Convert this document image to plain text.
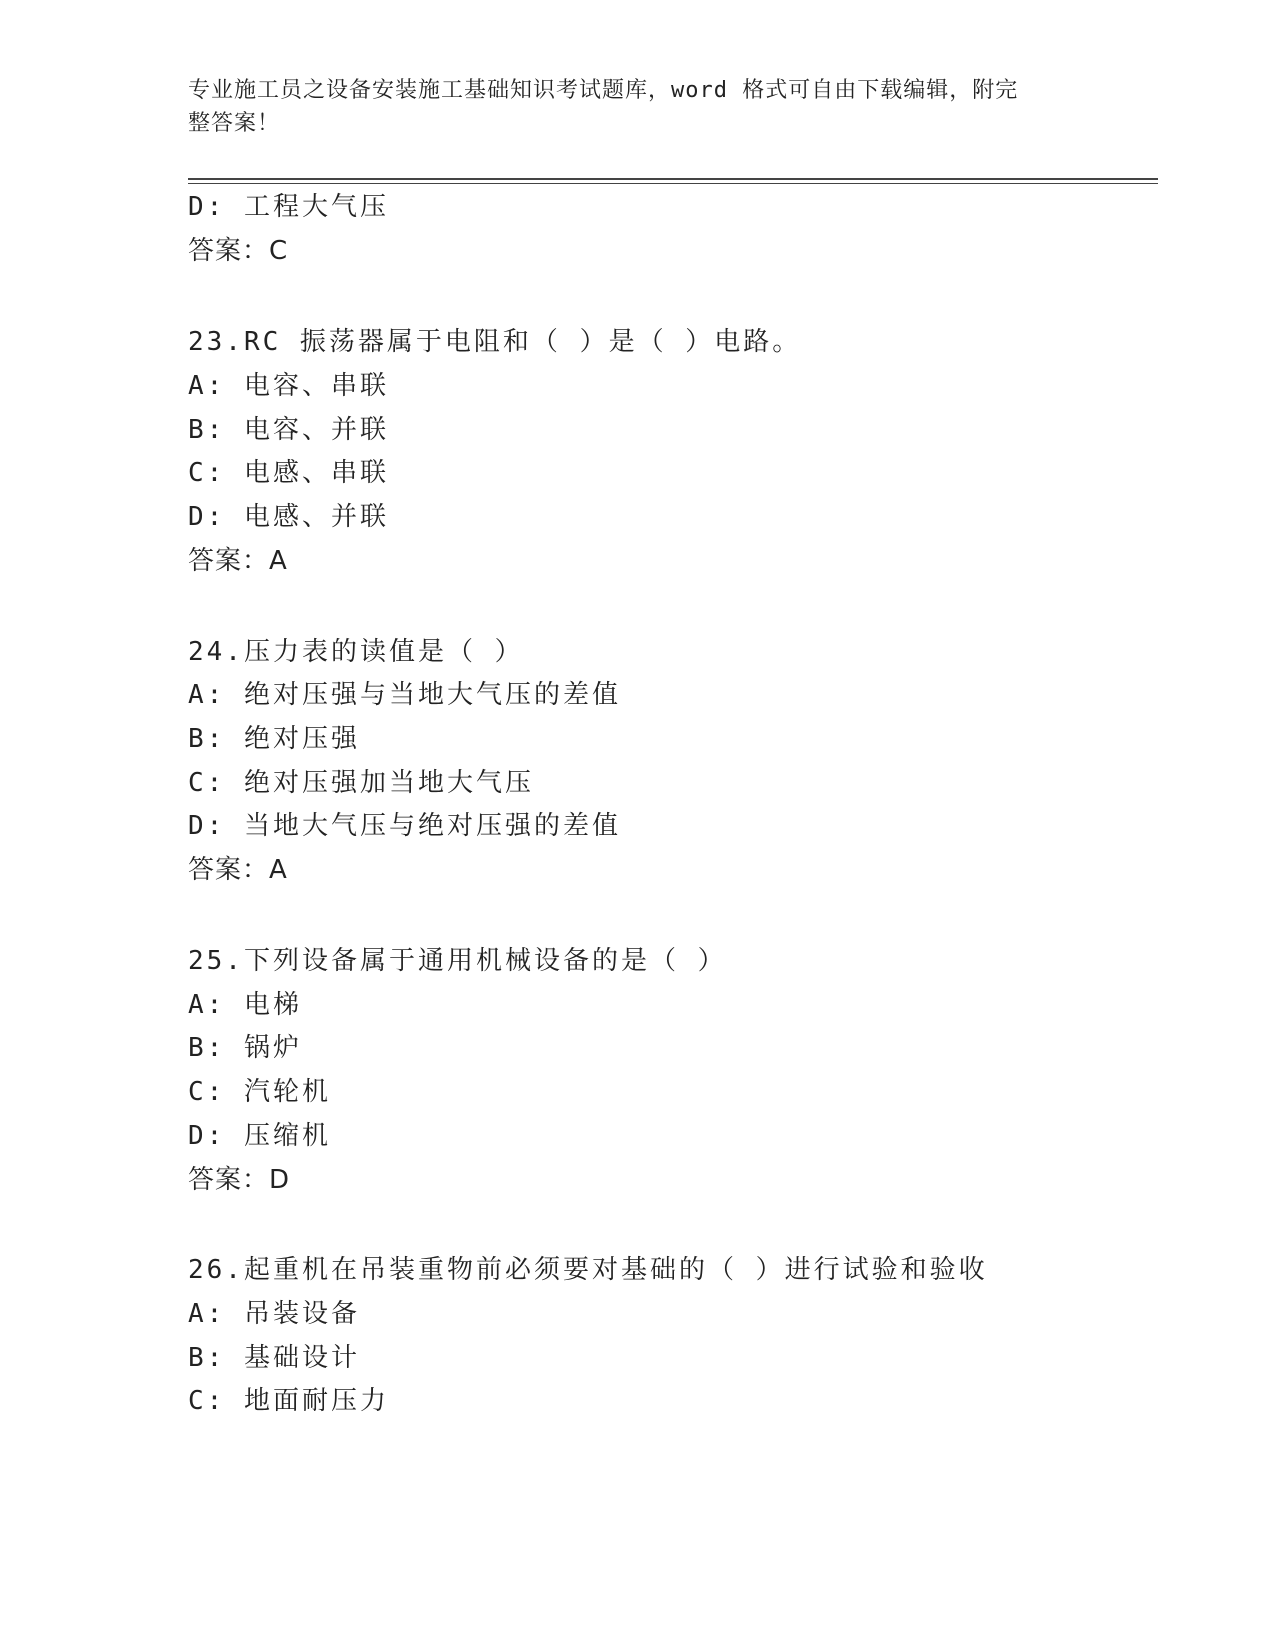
专业施工员之设备安装施工基础知识考试题库，word 格式可自由下载编辑，附完
整答案！
D: 工程大气压
答案：C
23.RC 振荡器属于电阻和（ ）是（ ）电路。
A: 电容、串联
B: 电容、并联
C: 电感、串联
D: 电感、并联
答案：A
24.压力表的读值是（ ）
A: 绝对压强与当地大气压的差值
B: 绝对压强
C: 绝对压强加当地大气压
D: 当地大气压与绝对压强的差值
答案：A
25.下列设备属于通用机械设备的是（ ）
A: 电梯
B: 锅炉
C: 汽轮机
D: 压缩机
答案：D
26.起重机在吊装重物前必须要对基础的（ ）进行试验和验收
A: 吊装设备
B: 基础设计
C: 地面耐压力
